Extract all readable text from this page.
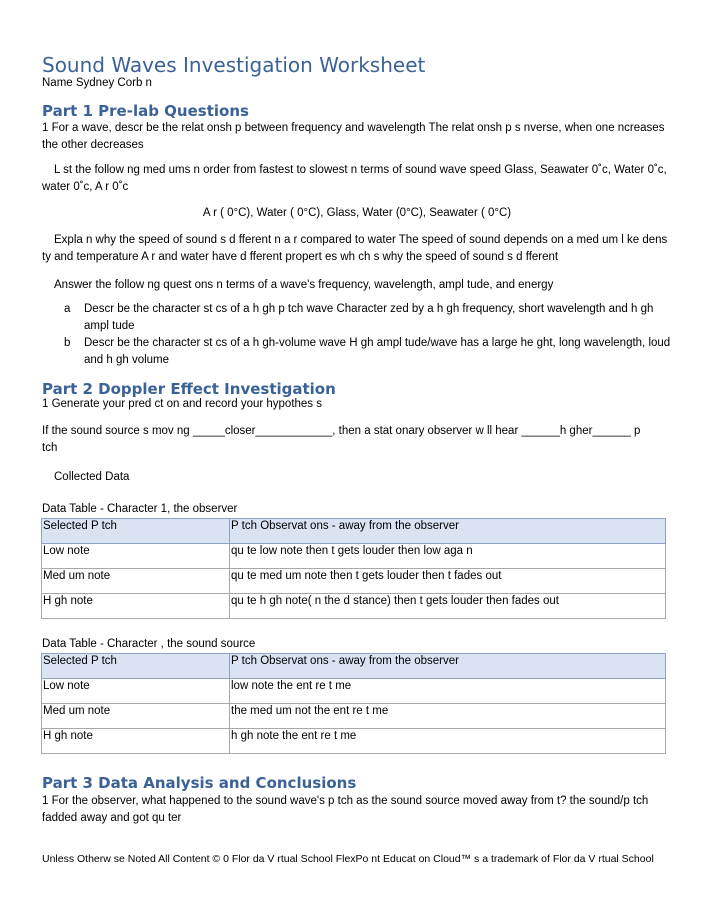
Sound Waves Investigation Worksheet
Name Sydney Corb n
Part 1 Pre-lab Questions
1 For a wave, descr be the relat onsh p between frequency and wavelength The relat onsh p s nverse, when one ncreases the other decreases
L st the follow ng med ums n order from fastest to slowest n terms of sound wave speed Glass, Seawater 0˚c, Water 0˚c, water 0˚c, A r 0˚c
A r ( 0°C), Water ( 0°C), Glass, Water (0°C), Seawater ( 0°C)
Expla n why the speed of sound s d fferent n a r compared to water The speed of sound depends on a med um l ke dens ty and temperature A r and water have d fferent propert es wh ch s why the speed of sound s d fferent
Answer the follow ng quest ons n terms of a wave's frequency, wavelength, ampl tude, and energy
a Descr be the character st cs of a h gh p tch wave Character zed by a h gh frequency, short wavelength and h gh ampl tude
b Descr be the character st cs of a h gh-volume wave H gh ampl tude/wave has a large he ght, long wavelength, loud and h gh volume
Part 2 Doppler Eﬀect Investigation
1 Generate your pred ct on and record your hypothes s
If the sound source s mov ng _____closer____________, then a stat onary observer w ll hear ______h gher______ p tch
Collected Data
Data Table - Character 1, the observer
Selected P tch	P tch Observat ons - away from the observer
Low note	qu te low note then t gets louder then low aga n
Med um note	qu te med um note then t gets louder then t fades out
H gh note	qu te h gh note( n the d stance) then t gets louder then fades out
Data Table - Character , the sound source
Selected P tch	P tch Observat ons - away from the observer
Low note	low note the ent re t me
Med um note	the med um not the ent re t me
H gh note	h gh note the ent re t me
Part 3 Data Analysis and Conclusions
1 For the observer, what happened to the sound wave's p tch as the sound source moved away from t? the sound/p tch fadded away and got qu ter
Unless Otherw se Noted All Content © 0 Flor da V rtual School FlexPo nt Educat on Cloud™ s a trademark of Flor da V rtual School
